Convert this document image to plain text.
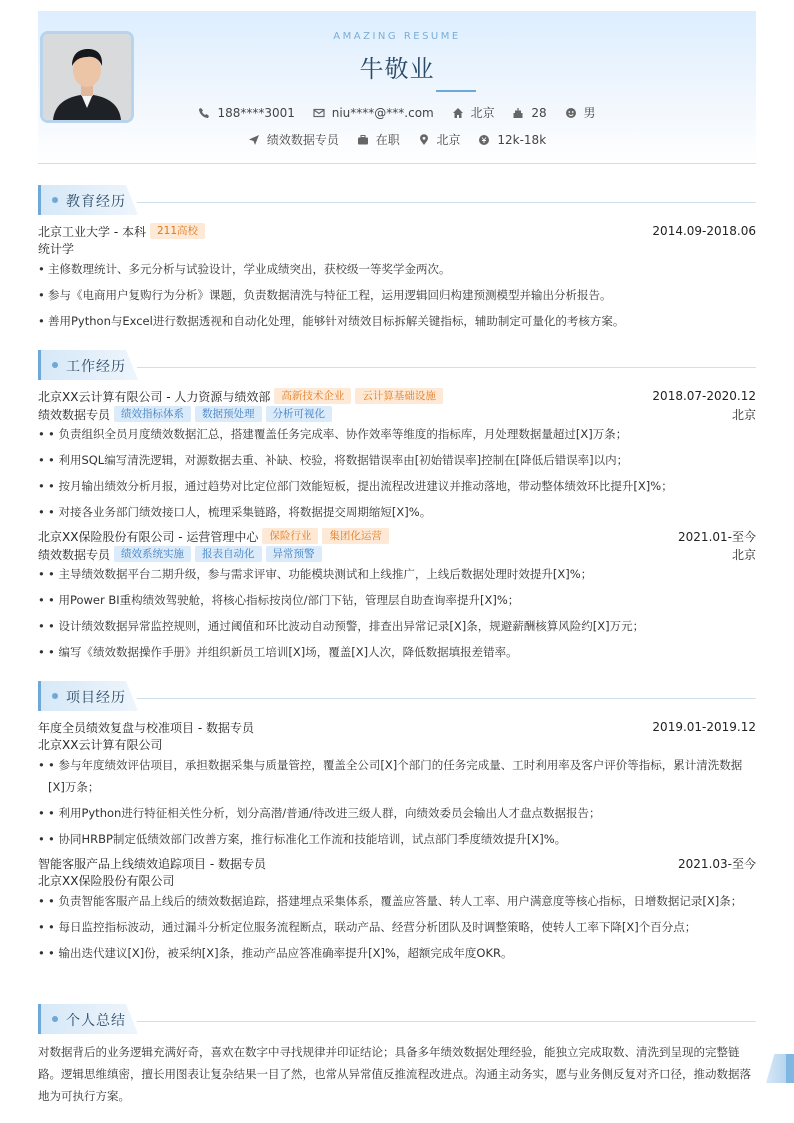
AMAZING RESUME
牛敬业
188****3001
	niu****@***.com
	北京
	28
	男
绩效数据专员
	在职
	北京
	12k-18k
教育经历
北京工业大学 - 本科	211高校	2014.09-2018.06
统计学
• 主修数理统计、多元分析与试验设计，学业成绩突出，获校级一等奖学金两次。
• 参与《电商用户复购行为分析》课题，负责数据清洗与特征工程，运用逻辑回归构建预测模型并输出分析报告。
• 善用Python与Excel进行数据透视和自动化处理，能够针对绩效目标拆解关键指标，辅助制定可量化的考核方案。
工作经历
北京XX云计算有限公司 - 人力资源与绩效部	高新技术企业	云计算基础设施	2018.07-2020.12
绩效数据专员	绩效指标体系	数据预处理	分析可视化	北京
• • 负责组织全员月度绩效数据汇总，搭建覆盖任务完成率、协作效率等维度的指标库，月处理数据量超过[X]万条；
• • 利用SQL编写清洗逻辑，对源数据去重、补缺、校验，将数据错误率由[初始错误率]控制在[降低后错误率]以内；
• • 按月输出绩效分析月报，通过趋势对比定位部门效能短板，提出流程改进建议并推动落地，带动整体绩效环比提升[X]%；
• • 对接各业务部门绩效接口人，梳理采集链路，将数据提交周期缩短[X]%。
北京XX保险股份有限公司 - 运营管理中心	保险行业	集团化运营	2021.01-至今
绩效数据专员	绩效系统实施	报表自动化	异常预警	北京
• • 主导绩效数据平台二期升级，参与需求评审、功能模块测试和上线推广，上线后数据处理时效提升[X]%；
• • 用Power BI重构绩效驾驶舱，将核心指标按岗位/部门下钻，管理层自助查询率提升[X]%；
• • 设计绩效数据异常监控规则，通过阈值和环比波动自动预警，排查出异常记录[X]条，规避薪酬核算风险约[X]万元；
• • 编写《绩效数据操作手册》并组织新员工培训[X]场，覆盖[X]人次，降低数据填报差错率。
项目经历
年度全员绩效复盘与校准项目 - 数据专员	2019.01-2019.12
北京XX云计算有限公司
• • 参与年度绩效评估项目，承担数据采集与质量管控，覆盖全公司[X]个部门的任务完成量、工时利用率及客户评价等指标，累计清洗数据[X]万条；
• • 利用Python进行特征相关性分析，划分高潜/普通/待改进三级人群，向绩效委员会输出人才盘点数据报告；
• • 协同HRBP制定低绩效部门改善方案，推行标准化工作流和技能培训，试点部门季度绩效提升[X]%。
智能客服产品上线绩效追踪项目 - 数据专员	2021.03-至今
北京XX保险股份有限公司
• • 负责智能客服产品上线后的绩效数据追踪，搭建埋点采集体系，覆盖应答量、转人工率、用户满意度等核心指标，日增数据记录[X]条；
• • 每日监控指标波动，通过漏斗分析定位服务流程断点，联动产品、经营分析团队及时调整策略，使转人工率下降[X]个百分点；
• • 输出迭代建议[X]份，被采纳[X]条，推动产品应答准确率提升[X]%，超额完成年度OKR。
个人总结
对数据背后的业务逻辑充满好奇，喜欢在数字中寻找规律并印证结论；具备多年绩效数据处理经验，能独立完成取数、清洗到呈现的完整链路。逻辑思维缜密，擅长用图表让复杂结果一目了然，也常从异常值反推流程改进点。沟通主动务实，愿与业务侧反复对齐口径，推动数据落地为可执行方案。
